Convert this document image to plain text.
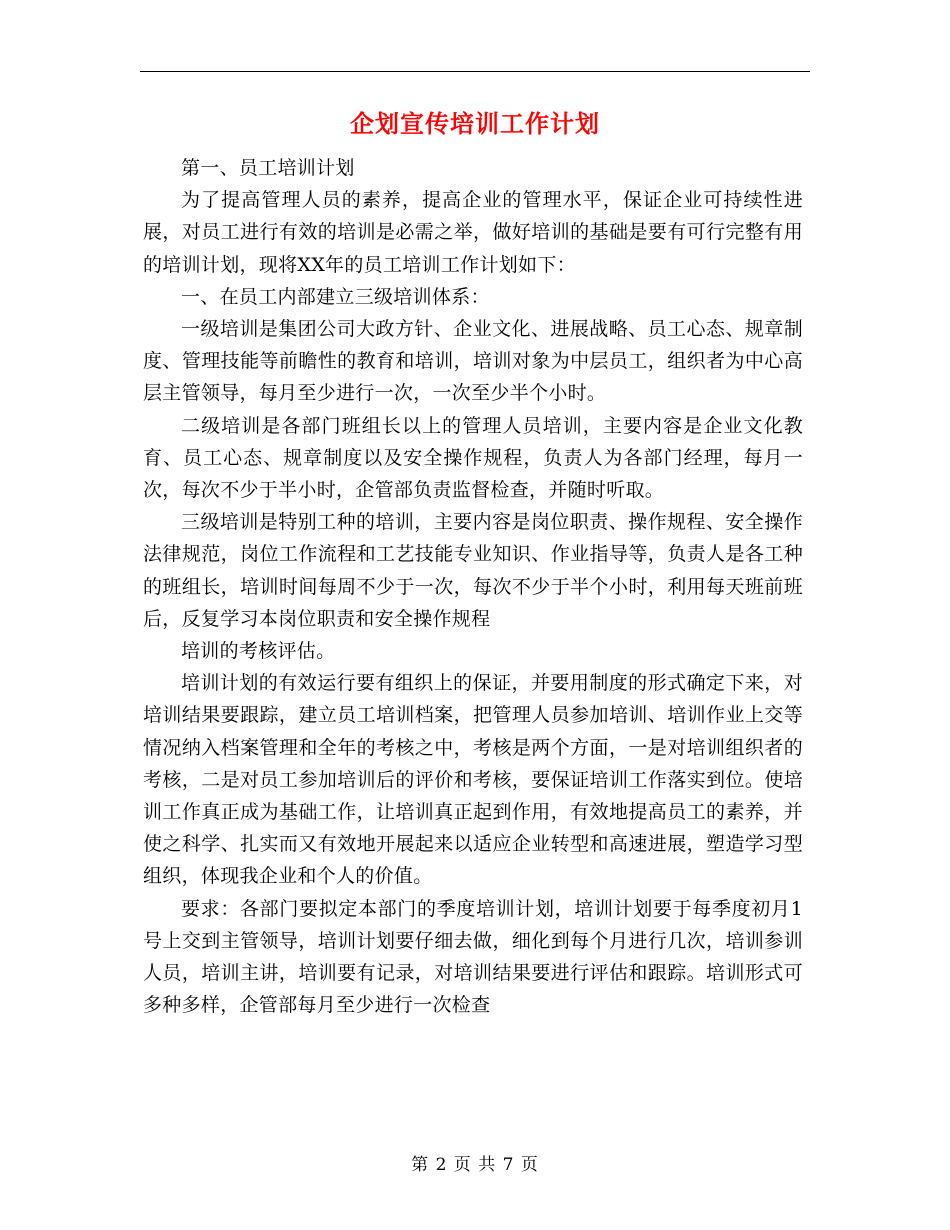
企划宣传培训工作计划

第一、员工培训计划

为了提高管理人员的素养，提高企业的管理水平，保证企业可持续性进展，对员工进行有效的培训是必需之举，做好培训的基础是要有可行完整有用的培训计划，现将XX年的员工培训工作计划如下：

一、在员工内部建立三级培训体系：

一级培训是集团公司大政方针、企业文化、进展战略、员工心态、规章制度、管理技能等前瞻性的教育和培训，培训对象为中层员工，组织者为中心高层主管领导，每月至少进行一次，一次至少半个小时。

二级培训是各部门班组长以上的管理人员培训，主要内容是企业文化教育、员工心态、规章制度以及安全操作规程，负责人为各部门经理，每月一次，每次不少于半小时，企管部负责监督检查，并随时听取。

三级培训是特别工种的培训，主要内容是岗位职责、操作规程、安全操作法律规范，岗位工作流程和工艺技能专业知识、作业指导等，负责人是各工种的班组长，培训时间每周不少于一次，每次不少于半个小时，利用每天班前班后，反复学习本岗位职责和安全操作规程

培训的考核评估。

培训计划的有效运行要有组织上的保证，并要用制度的形式确定下来，对培训结果要跟踪，建立员工培训档案，把管理人员参加培训、培训作业上交等情况纳入档案管理和全年的考核之中，考核是两个方面，一是对培训组织者的考核，二是对员工参加培训后的评价和考核，要保证培训工作落实到位。使培训工作真正成为基础工作，让培训真正起到作用，有效地提高员工的素养，并使之科学、扎实而又有效地开展起来以适应企业转型和高速进展，塑造学习型组织，体现我企业和个人的价值。

要求：各部门要拟定本部门的季度培训计划，培训计划要于每季度初月1号上交到主管领导，培训计划要仔细去做，细化到每个月进行几次，培训参训人员，培训主讲，培训要有记录，对培训结果要进行评估和跟踪。培训形式可多种多样，企管部每月至少进行一次检查

第 2 页 共 7 页
